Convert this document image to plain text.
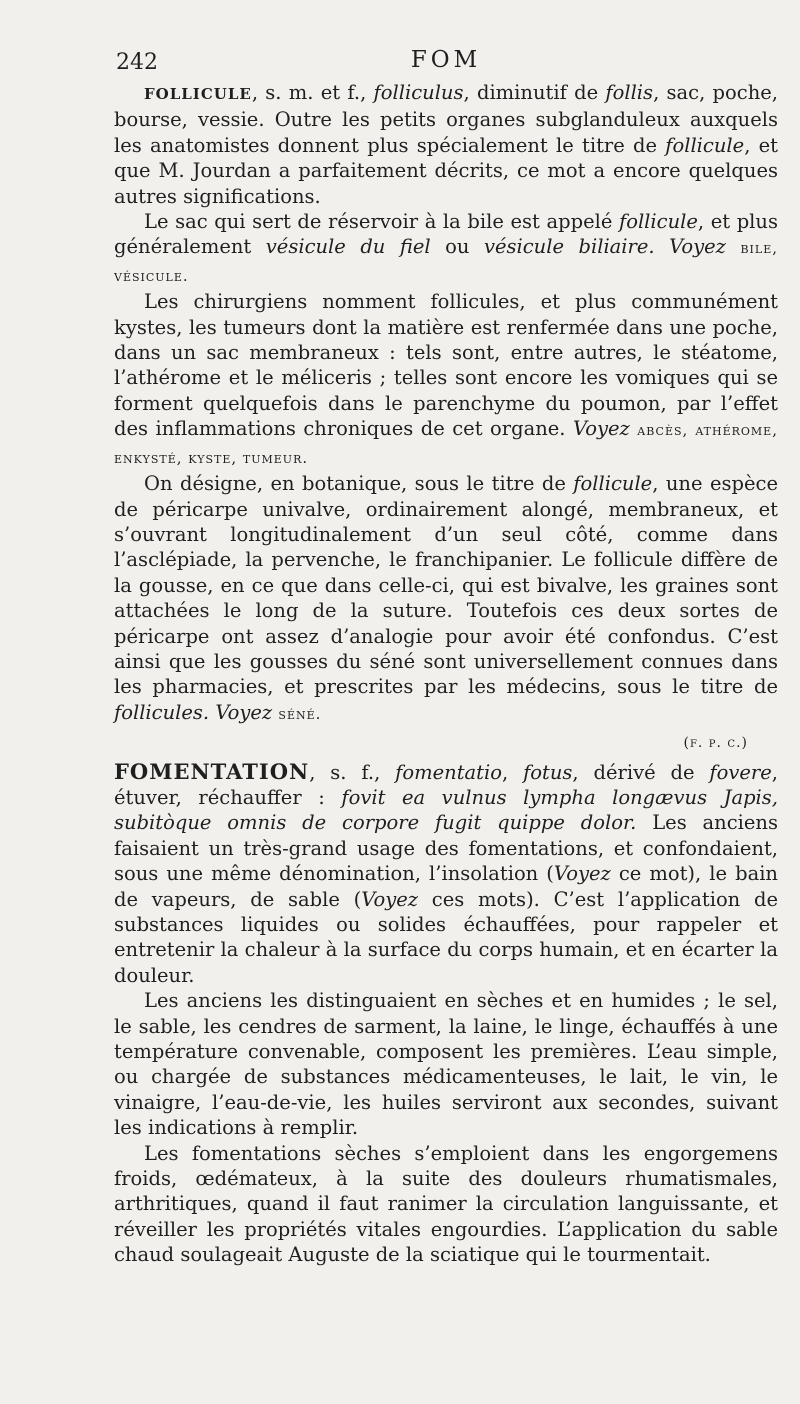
242	FOM

FOLLICULE, s. m. et f., folliculus, diminutif de follis, sac, poche, bourse, vessie. Outre les petits organes subglanduleux auxquels les anatomistes donnent plus spécialement le titre de follicule, et que M. Jourdan a parfaitement décrits, ce mot a encore quelques autres significations.

Le sac qui sert de réservoir à la bile est appelé follicule, et plus généralement vésicule du fiel ou vésicule biliaire. Voyez bile, vésicule.

Les chirurgiens nomment follicules, et plus communément kystes, les tumeurs dont la matière est renfermée dans une poche, dans un sac membraneux : tels sont, entre autres, le stéatome, l’athérome et le méliceris ; telles sont encore les vomiques qui se forment quelquefois dans le parenchyme du poumon, par l’effet des inflammations chroniques de cet organe. Voyez abcès, athérome, enkysté, kyste, tumeur.

On désigne, en botanique, sous le titre de follicule, une espèce de péricarpe univalve, ordinairement alongé, membraneux, et s’ouvrant longitudinalement d’un seul côté, comme dans l’asclépiade, la pervenche, le franchipanier. Le follicule diffère de la gousse, en ce que dans celle-ci, qui est bivalve, les graines sont attachées le long de la suture. Toutefois ces deux sortes de péricarpe ont assez d’analogie pour avoir été confondus. C’est ainsi que les gousses du séné sont universellement connues dans les pharmacies, et prescrites par les médecins, sous le titre de follicules. Voyez séné.

(f. p. c.)

FOMENTATION, s. f., fomentatio, fotus, dérivé de fovere, étuver, réchauffer : fovit ea vulnus lympha longævus Japis, subitòque omnis de corpore fugit quippe dolor. Les anciens faisaient un très-grand usage des fomentations, et confondaient, sous une même dénomination, l’insolation (Voyez ce mot), le bain de vapeurs, de sable (Voyez ces mots). C’est l’application de substances liquides ou solides échauffées, pour rappeler et entretenir la chaleur à la surface du corps humain, et en écarter la douleur.

Les anciens les distinguaient en sèches et en humides ; le sel, le sable, les cendres de sarment, la laine, le linge, échauffés à une température convenable, composent les premières. L’eau simple, ou chargée de substances médicamenteuses, le lait, le vin, le vinaigre, l’eau-de-vie, les huiles serviront aux secondes, suivant les indications à remplir.

Les fomentations sèches s’emploient dans les engorgemens froids, œdémateux, à la suite des douleurs rhumatismales, arthritiques, quand il faut ranimer la circulation languissante, et réveiller les propriétés vitales engourdies. L’application du sable chaud soulageait Auguste de la sciatique qui le tourmentait.
